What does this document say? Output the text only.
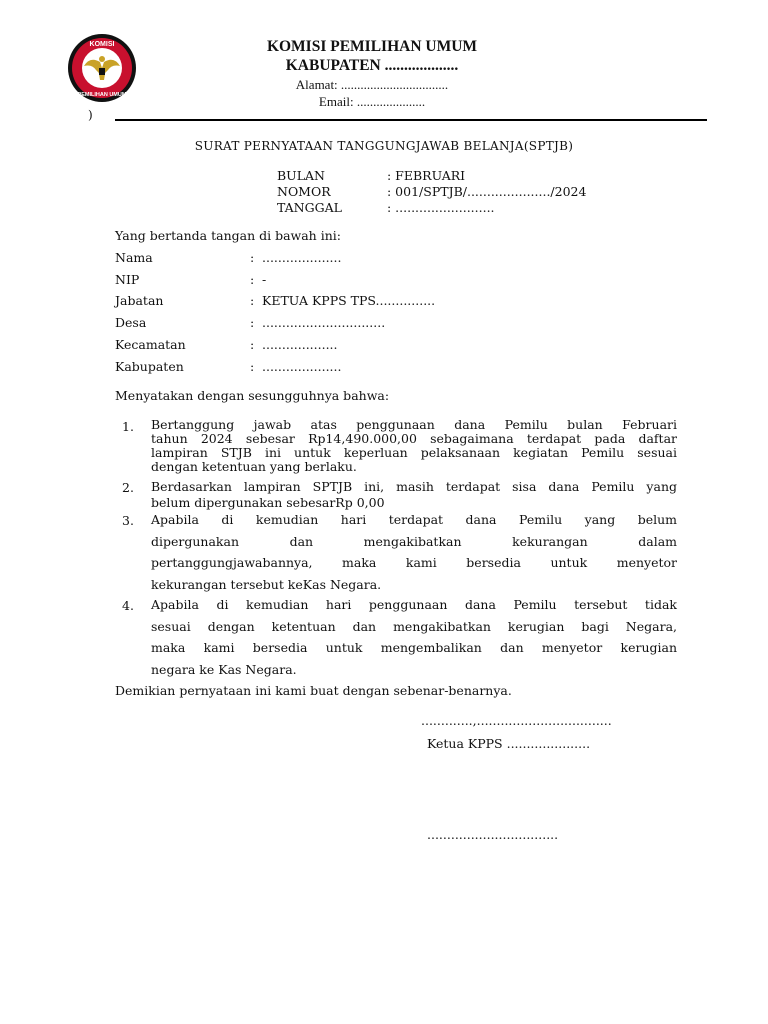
KOMISI
PEMILIHAN UMUM
KOMISI PEMILIHAN UMUM
KABUPATEN ...................
Alamat: .................................
Email: .....................
)
SURAT PERNYATAAN TANGGUNGJAWAB BELANJA(SPTJB)
BULAN	: FEBRUARI
NOMOR	: 001/SPTJB/...................../2024
TANGGAL	: .........................
Yang bertanda tangan di bawah ini:
Nama	: ....................
NIP	: -
Jabatan	: KETUA KPPS TPS...............
Desa	: ...............................
Kecamatan	: ...................
Kabupaten	: ....................
Menyatakan dengan sesungguhnya bahwa:
1. Bertanggung jawab atas penggunaan dana Pemilu bulan Februari
tahun 2024 sebesar Rp14,490.000,00 sebagaimana terdapat pada daftar
lampiran STJB ini untuk keperluan pelaksanaan kegiatan Pemilu sesuai
dengan ketentuan yang berlaku.
2. Berdasarkan lampiran SPTJB ini, masih terdapat sisa dana Pemilu yang
belum dipergunakan sebesarRp 0,00
3. Apabila di kemudian hari terdapat dana Pemilu yang belum
dipergunakan dan mengakibatkan kekurangan dalam
pertanggungjawabannya, maka kami bersedia untuk menyetor
kekurangan tersebut keKas Negara.
4. Apabila di kemudian hari penggunaan dana Pemilu tersebut tidak
sesuai dengan ketentuan dan mengakibatkan kerugian bagi Negara,
maka kami bersedia untuk mengembalikan dan menyetor kerugian
negara ke Kas Negara.
Demikian pernyataan ini kami buat dengan sebenar-benarnya.
.............,..................................
Ketua KPPS .....................
.................................
